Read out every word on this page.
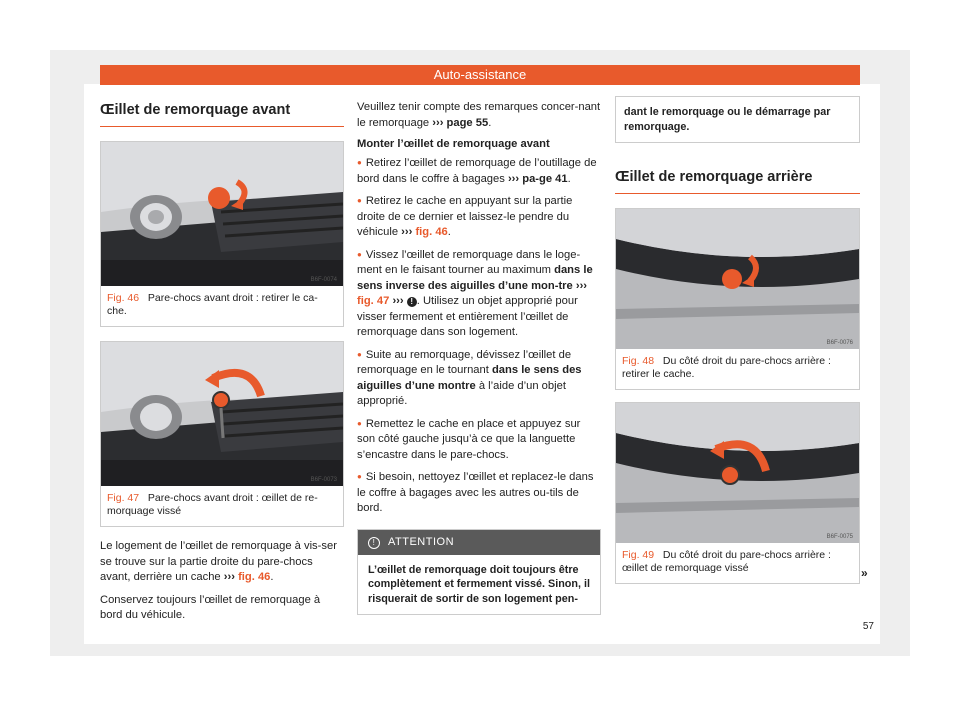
Auto-assistance
Œillet de remorquage avant
B6F-0074
Fig. 46 Pare-chocs avant droit : retirer le ca-che.
B6F-0073
Fig. 47 Pare-chocs avant droit : œillet de re-morquage vissé

Le logement de l’œillet de remorquage à vis-ser se trouve sur la partie droite du pare-chocs avant, derrière un cache ››› fig. 46.

Conservez toujours l’œillet de remorquage à bord du véhicule.

Veuillez tenir compte des remarques concer-nant le remorquage ››› page 55.

Monter l’œillet de remorquage avant

● Retirez l’œillet de remorquage de l’outillage de bord dans le coffre à bagages ››› pa-ge 41.

● Retirez le cache en appuyant sur la partie droite de ce dernier et laissez-le pendre du véhicule ››› fig. 46.

● Vissez l’œillet de remorquage dans le loge-ment en le faisant tourner au maximum dans le sens inverse des aiguilles d’une mon-tre ››› fig. 47 ››› ! . Utilisez un objet approprié pour visser fermement et entièrement l’œillet de remorquage dans son logement.

● Suite au remorquage, dévissez l’œillet de remorquage en le tournant dans le sens des aiguilles d’une montre à l’aide d’un objet approprié.

● Remettez le cache en place et appuyez sur son côté gauche jusqu’à ce que la languette s’encastre dans le pare-chocs.

● Si besoin, nettoyez l’œillet et replacez-le dans le coffre à bagages avec les autres ou-tils de bord.

! ATTENTION
L’œillet de remorquage doit toujours être complètement et fermement vissé. Sinon, il risquerait de sortir de son logement pen-
dant le remorquage ou le démarrage par remorquage.
Œillet de remorquage arrière
B6F-0076
Fig. 48 Du côté droit du pare-chocs arrière : retirer le cache.
B6F-0075
Fig. 49 Du côté droit du pare-chocs arrière : œillet de remorquage vissé	»
57
